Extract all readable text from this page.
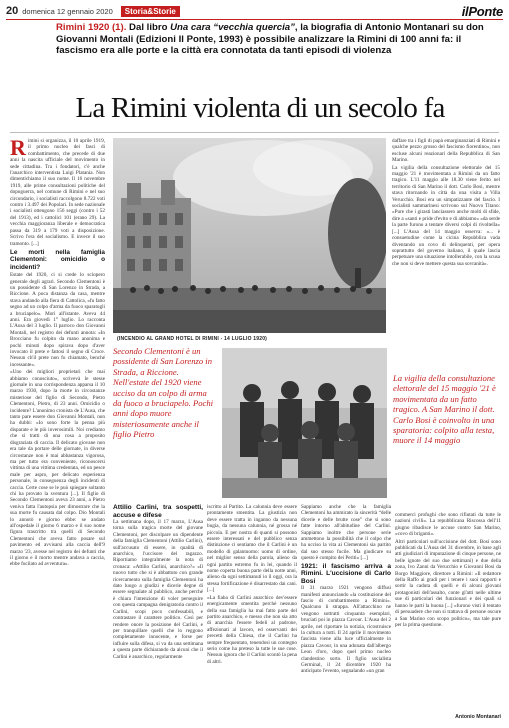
20 domenica 12 gennaio 2020	Storia&Storie	ilPonte
Rimini 1920 (1). Dal libro Una cara “vecchia quercia”, la biografia di Antonio Montanari su don Giovanni Montali (Edizioni Il Ponte, 1993) è possibile analizzare la Rimini di 100 anni fa: il fascismo era alle porte e la città era connotata da tanti episodi di violenza
La Rimini violenta di un secolo fa
R imini si organizza, il 10 aprile 1919, il primo nucleo dei fasci di combattimento, che precede di due anni la nascita ufficiale del movimento in sede cittadina. Tra i fondatori, c'è anche l'anarchico interventista Luigi Platania. Non dimentichiamo il suo nome. Il 16 novembre 1919, alle prime consultazioni politiche del dopoguerra, nel comune di Rimini e nel suo circondario, i socialisti raccolgono 8.722 voti contro i 3.497 dei Popolari. In sede nazionale i socialisti ottengono 156 seggi (contro i 52 del 1913), ed i cattolici 101 (erano 29). La vecchia maggioranza liberale e democratica passa da 319 a 179 voti a disposizione. Scrivo l'era del socialismo. E invece il suo tramonto. [...]

Le morti nella famiglia Clementoni: omicidio o incidenti?

Estate del 1920, ci si crede lo sciopero generale degli agrari. Secondo Clementoni è un possidente di San Lorenzo in Strada, a Riccione. A poca distanza da casa, mentre stava andando alla fiera di Cattolica, «fu fatto segno ad un colpo d'arma da fuoco sparatogli a bruciapelo». Morì all'istante. Aveva 44 anni. Era giovedì 1° luglio. Lo racconta L'Ausa del 3 luglio. Il parroco don Giovanni Montali, nel registro dei defunti annota: «In Brocciano fu colpito da mano anonima e pochi minuti dopo spirava dopo d'aver invocato il prete e fattosi il segno di Croce. Nessun ch'il prete non fu chiamato, benché incessante».

«Uno dei migliori proprietari che mai abbiamo conosciuto», scrivevà le stesse giornale in una corrispondenza apparsa il 10 marzo 1930, dopo la morte in circostanze misteriose del figlio di Secondo, Pietro Clementoni, Pietro, di 23 anni. Omicidio o incidente? L'anonimo cronista de L'Ausa, che tanto pare essere don Giovanni Montali, non ha dubbi: «Io sono forte la penna più disparate e le più inverosimili. Noi crediamo che si tratti di una cosa a proposito disgraziata di caccia. Il delicato giovane non era tale da portare delle giornate, in diverse circostanze non è mai abbastanza vigorosa, ma per tutto era conveniente, riconoscersi vittima di una vittima credentata, ed un pesce male per aspro, per delicato esperienza personale, in conseguenza degli incidenti di caccia. Certe cose se le può spiegare soltanto chi ha provato la sventura [...]. Il figlio di Secondo Clementoni aveva 23 anni, a Pietro veniva fatta l'autopsia per dimostrare che la sua morte fu causata dal colpo. Dio Montali lo annotò e giorno ebbe: se andato all'ospedale il giorno 6 marzo e il suo nome figura trascritto tra quelli di Secondo Clementoni che aveva fatto posare sul pavimento ed avvisarsi alla caccia dell'9 marzo '23, avesse nel registro dei defunti che il giorno e il morto mentre andava a caccia, ebbe fucilato ad avventura».

(INCENDIO AL GRAND HOTEL DI RIMINI - 14 LUGLIO 1920)

daffare tra i figli di papà emarginanziati di Rimini e qualche pezzo grosso del fascismo fiorentino», non escluse alcuni reazionari della Repubblica di San Marino.

La vigilia della consultazione elettorale del 15 maggio '21 è movimentata a Rimini da un fatto tragico. L'11 maggio alle 18.30 viene ferito nel territorio di San Marino il dott. Carlo Bosi, mentre stava ritornando in città da una visita a Villa Verucchio. Bosi era un simpatizzante del fascio. I socialisti sammarinesi scrivono sul Nuovo Titano: «Pure che i girasti lanciassero anche molti di sfide, dire a «santi e pride d'evito e di abbiamo» «da serde la parte furono a tentare diversi colpi di rivoltella» [...] L'Ausa del 14 maggio osserva: «... è consuetudine come la cicina Repubblica vada diventando un covo di delinquenti, per opera soprattutto del governo italiano, il quale lascia perpetuare una situazione intollerabile, con la scusa che non si deve mettere questa sua sovranità».

Secondo Clementoni è un possidente di San Lorenzo in Strada, a Riccione. Nell'estate del 1920 viene ucciso da un colpo di arma da fuoco a bruciapelo. Pochi anni dopo muore misteriosamente anche il figlio Pietro
La vigilia della consultazione elettorale del 15 maggio '21 è movimentata da un fatto tragico. A San Marino il dott. Carlo Bosi è coinvolto in una sparatoria: colpito alla testa, muore il 14 maggio
Attilio Carlini, tra sospetti, accuse e difese

La settimana dopo, il 17 marzo, L'Ausa torna sulla tragica morte del giovane Clementoni, per discolpare un dipendente della famiglia Clementoni (Attilio Carlini), sull'accusato di essere, in qualità di anarchico, l'uccisore del ragazzo. Riportiamo integralmente la nota di cronaca: «Attilio Carlini, anarchico?» «Il nuovo tutto che si è abbattuto con grande ricercamento sulla famiglia Clementoni ha dato luogo a giudizi e dicerie degne di essere segnalate al pubblico, anche perché è chiara l'intenzione di voler perseguire con questa campagna denigratoria contro il Carlini, scopi poco confessabili, e contrastare il carattere politico. Così per rendere onore la posizione del Carlini, e per tranquillare quelli che lo reggono completamente innocente, e forse per influire sulla difesa, si va da una settimana a questa parte dichiarando da alcuni che il Carlini è anarchico, regolarmente

iscritto al Partito. La calunnia deve essere prontamente smentita. La giustizia non deve essere tratta in inganno da nessuna bugia, da nessuna calunnia, né grossa né piccola. E per nostra di quanti si possono essere interessati e del pubblico senza distinzione ci sentiamo che il Carlini è un modello di galantuomo: uomo di ordine, nel miglior senso della parola, alieno da ogni partito estremo fu in lei, quando il nome coperta buona parte della notte anni, alieno da ogni settimanuti io il oggi, ora la stessa fortificazione è disarrestato dai cani. [...]

«La fiaba di Carlini anarchico dev'essere energicamente smentita perché nessuno della sua famiglia ha mai fatto parte del partito anarchico, e messo che non sia atto di anarchia l'essere fedeli al padrone, affezionati al lavoro, ed osservanti dei precetti della Chiesa, che il Carlini ha sempre frequentato, tenendosi un contegno serio come ha preteso la tutte le sue cose. Nessun ignora che il Carlini scontò la pena di altri.

Sappiamo anche che la famiglia Clementoni ha ammirato la sincerità “delle dicerie e delle brutte cose” che si sono fatte intorno all'abitudine del Carlini. Sappiamo inoltre che persone serie ammettono la possibilità che il colpo che ha ucciso la vita ai Clementoni sia partito dal suo stesso fucile. Ma giudicare su questo è compito dei Periti» [...]

1921: il fascismo arriva a Rimini. L'uccisione di Carlo Bosi

Il 31 marzo 1921 vengono diffusi manifesti annunciando «la costituzione del fascio di combattimento a Rimini». Qualcuno li strappa. All'attacchino ne vengono sottratti cinquanta esemplari, bruciati poi in piazza Cavour. L'Ausa del 2 aprile, nel riportare la notizia, ricostruisce la cultura a tutti. Il 24 aprile il movimento fascista viene alla luce ufficialmente in piazza Cavour, in una adunata dall'albergo Leon d'oro, dopo quel primo nucleo clandestino sorto. Il figlio socialista Germinal, il 24 dicembre 1920 ha anticipato l'evento, segnalando «un gran

commerci profughi che sono rifiutati da tutte le nazioni civili». La repubblicana Riscossa dell'11 giugno ribadisce le accuse contro San Marino, «covo di briganti».

Altri particolari sull'uccisione del dott. Bosi sono pubblicati da L'Ausa del 31 dicembre, in base agli atti giudiziari di imputazione di cinque persone, ne belle ignote del suo due settimani) e due della zona, Ivo Zanni da Verucchio e Giovanni Bosi da Borgo Maggiore, direttore a Rimini: «Il redattore della Raffo ai gradi per i tenere i suoi rapporti e sortir la caduta di quelli e di alcuni giovani protagonisti dell'assalto, conte gl'atti nelle ultime sue di particolari dei funzionari e dei quali si hanno le parti la buona [...] «furono visti il tentato di persuadere che non si trattava di persone oscure a San Marino con scopo politico», ma tale pure per la prima questione.

Antonio Montanari
